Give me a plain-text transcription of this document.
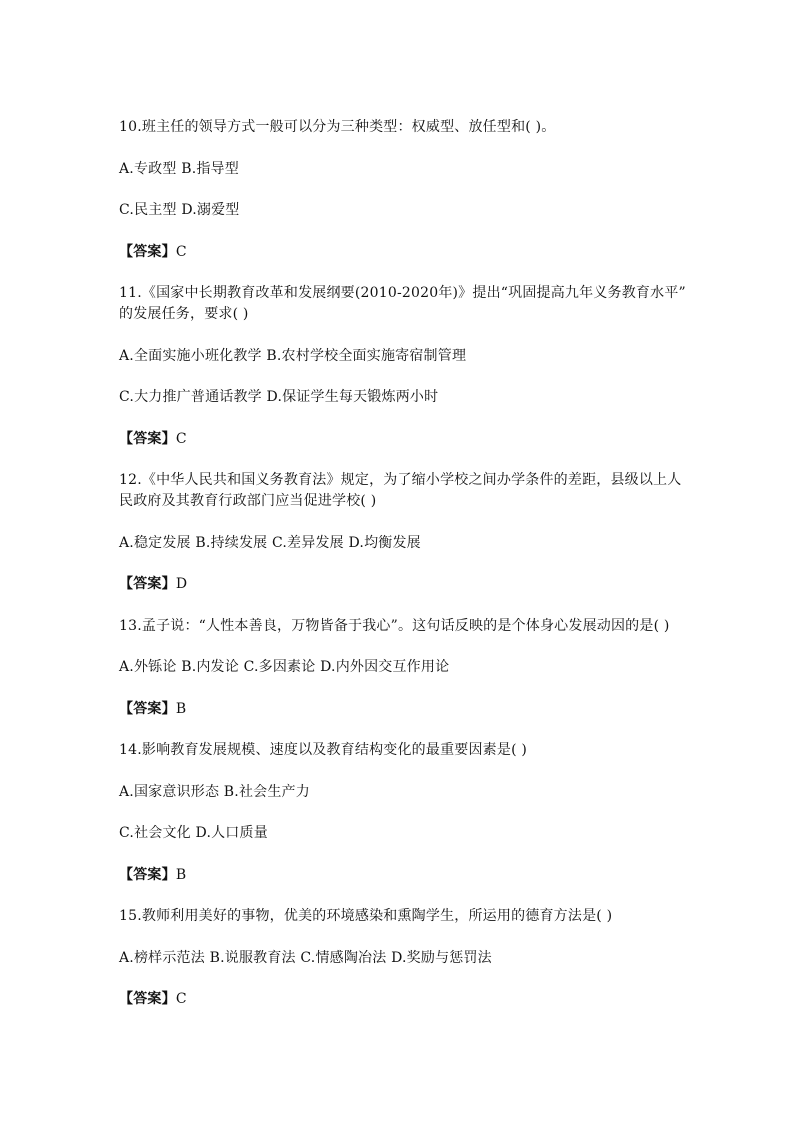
10.班主任的领导方式一般可以分为三种类型：权威型、放任型和( )。
A.专政型 B.指导型
C.民主型 D.溺爱型
【答案】C
11.《国家中长期教育改革和发展纲要(2010-2020年)》提出“巩固提高九年义务教育水平”
的发展任务，要求( )
A.全面实施小班化教学 B.农村学校全面实施寄宿制管理
C.大力推广普通话教学 D.保证学生每天锻炼两小时
【答案】C
12.《中华人民共和国义务教育法》规定，为了缩小学校之间办学条件的差距，县级以上人
民政府及其教育行政部门应当促进学校( )
A.稳定发展 B.持续发展 C.差异发展 D.均衡发展
【答案】D
13.孟子说：“人性本善良，万物皆备于我心”。这句话反映的是个体身心发展动因的是( )
A.外铄论 B.内发论 C.多因素论 D.内外因交互作用论
【答案】B
14.影响教育发展规模、速度以及教育结构变化的最重要因素是( )
A.国家意识形态 B.社会生产力
C.社会文化 D.人口质量
【答案】B
15.教师利用美好的事物，优美的环境感染和熏陶学生，所运用的德育方法是( )
A.榜样示范法 B.说服教育法 C.情感陶冶法 D.奖励与惩罚法
【答案】C
